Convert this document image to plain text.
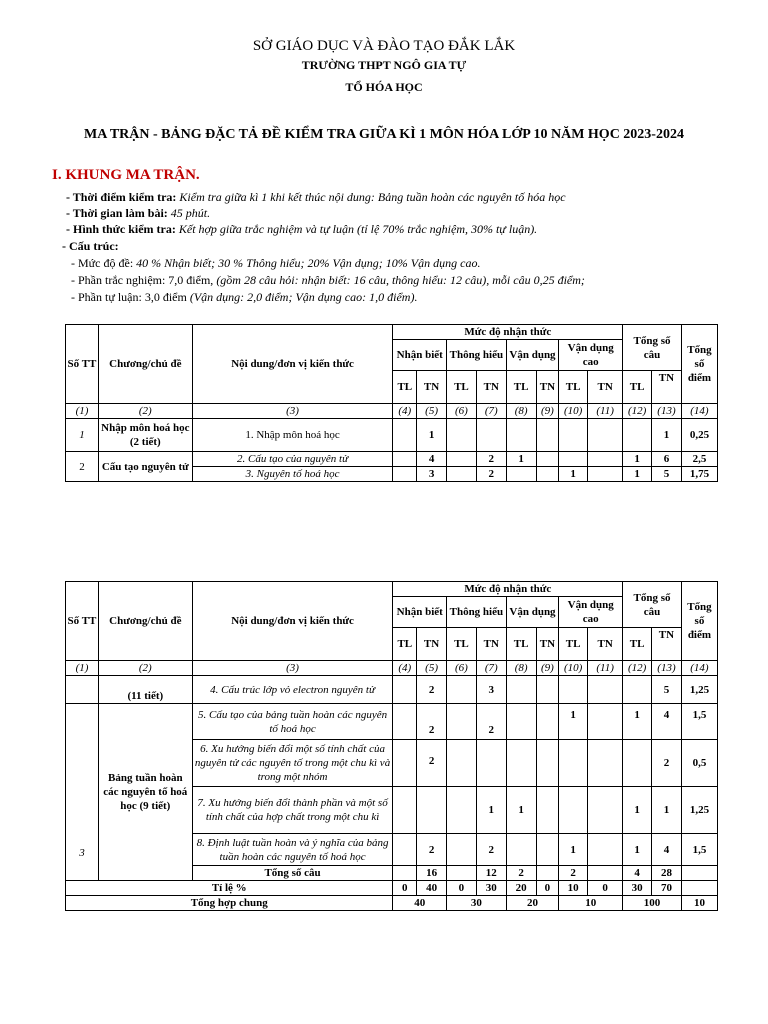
SỞ GIÁO DỤC VÀ ĐÀO TẠO ĐẮK LẮK
TRƯỜNG THPT NGÔ GIA TỰ
TỔ HÓA HỌC
MA TRẬN - BẢNG ĐẶC TẢ ĐỀ KIỂM TRA GIỮA KÌ 1 MÔN HÓA LỚP 10 NĂM HỌC 2023-2024
I. KHUNG MA TRẬN.
- Thời điểm kiểm tra: Kiểm tra giữa kì 1 khi kết thúc nội dung: Bảng tuần hoàn các nguyên tố hóa học
- Thời gian làm bài: 45 phút.
- Hình thức kiểm tra: Kết hợp giữa trắc nghiệm và tự luận (tỉ lệ 70% trắc nghiệm, 30% tự luận).
- Cấu trúc:
- Mức độ đề: 40 % Nhận biết; 30 % Thông hiểu; 20% Vận dụng; 10% Vận dụng cao.
- Phần trắc nghiệm: 7,0 điểm, (gồm 28 câu hỏi: nhận biết: 16 câu, thông hiểu: 12 câu), mỗi câu 0,25 điểm;
- Phần tự luận: 3,0 điểm (Vận dụng: 2,0 điểm; Vận dụng cao: 1,0 điểm).
Số TT	Chương/chủ đề	Nội dung/đơn vị kiến thức	Mức độ nhận thức								Tổng số câu		Tổng số điểm
			Nhận biết		Thông hiểu		Vận dụng		Vận dụng cao				
			TL	TN	TL	TN	TL	TN	TL	TN	TL	TN	
(1)	(2)	(3)	(4)	(5)	(6)	(7)	(8)	(9)	(10)	(11)	(12)	(13)	(14)
1	Nhập môn hoá học (2 tiết)	1. Nhập môn hoá học		1								1	0,25
2	Cấu tạo nguyên tử	2. Cấu tạo của nguyên tử		4		2	1				1	6	2,5
		3. Nguyên tố hoá học		3		2			1		1	5	1,75
Số TT	Chương/chủ đề	Nội dung/đơn vị kiến thức	Mức độ nhận thức								Tổng số câu		Tổng số điểm
			Nhận biết		Thông hiểu		Vận dụng		Vận dụng cao				
			TL	TN	TL	TN	TL	TN	TL	TN	TL	TN	
(1)	(2)	(3)	(4)	(5)	(6)	(7)	(8)	(9)	(10)	(11)	(12)	(13)	(14)
	(11 tiết)	4. Cấu trúc lớp vỏ electron nguyên tử		2		3						5	1,25
3	Bảng tuần hoàn các nguyên tố hoá học (9 tiết)	5. Cấu tạo của bảng tuần hoàn các nguyên tố hoá học		2		2			1		1	4	1,5
		6. Xu hướng biến đổi một số tính chất của nguyên tử các nguyên tố trong một chu kì và trong một nhóm		2								2	0,5
		7. Xu hướng biến đổi thành phần và một số tính chất của hợp chất trong một chu kì				1	1				1	1	1,25
		8. Định luật tuần hoàn và ý nghĩa của bảng tuần hoàn các nguyên tố hoá học		2		2			1		1	4	1,5
		Tổng số câu		16		12	2		2		4	28	
Tỉ lệ %			0	40	0	30	20	0	10	0	30	70	
Tổng hợp chung			40		30		20		10		100		10
